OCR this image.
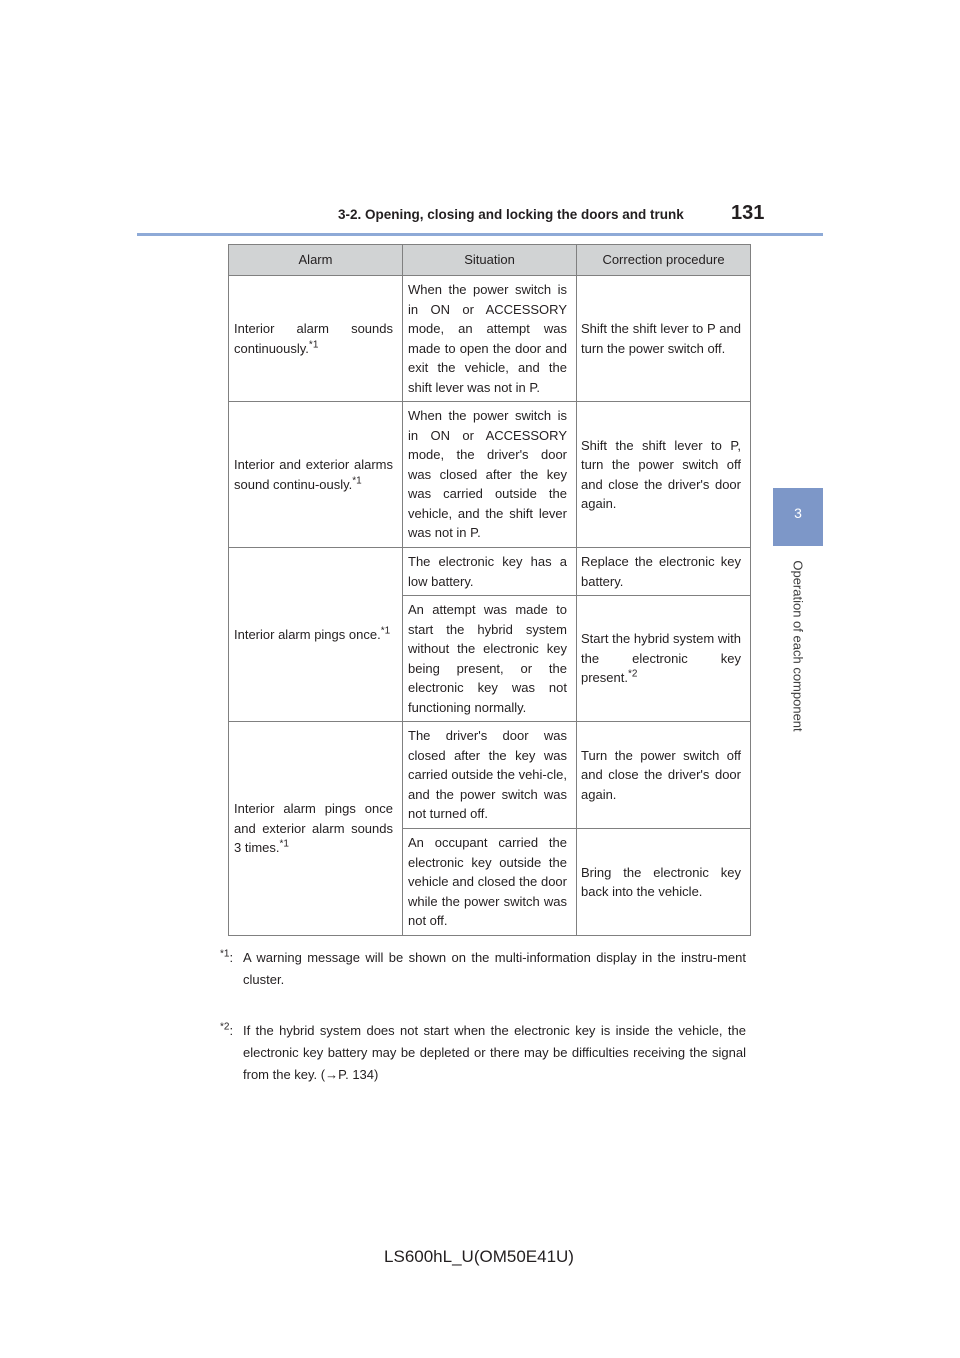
3-2. Opening, closing and locking the doors and trunk 131
3
Operation of each component
Alarm	Situation	Correction procedure
Interior alarm sounds continuously.$^{*1}$	When the power switch is in ON or ACCESSORY mode, an attempt was made to open the door and exit the vehicle, and the shift lever was not in P.	Shift the shift lever to P and turn the power switch off.
Interior and exterior alarms sound continu-ously.$^{*1}$	When the power switch is in ON or ACCESSORY mode, the driver's door was closed after the key was carried outside the vehicle, and the shift lever was not in P.	Shift the shift lever to P, turn the power switch off and close the driver's door again.
Interior alarm pings once.$^{*1}$	The electronic key has a low battery.	Replace the electronic key battery.
	An attempt was made to start the hybrid system without the electronic key being present, or the electronic key was not functioning normally.	Start the hybrid system with the electronic key present.$^{*2}$
Interior alarm pings once and exterior alarm sounds 3 times.$^{*1}$	The driver's door was closed after the key was carried outside the vehi-cle, and the power switch was not turned off.	Turn the power switch off and close the driver's door again.
	An occupant carried the electronic key outside the vehicle and closed the door while the power switch was not off.	Bring the electronic key back into the vehicle.
$^{*1}$: A warning message will be shown on the multi-information display in the instru-ment cluster.
$^{*2}$: If the hybrid system does not start when the electronic key is inside the vehicle, the electronic key battery may be depleted or there may be difficulties receiving the signal from the key. (→P. 134)
LS600hL_U(OM50E41U)
